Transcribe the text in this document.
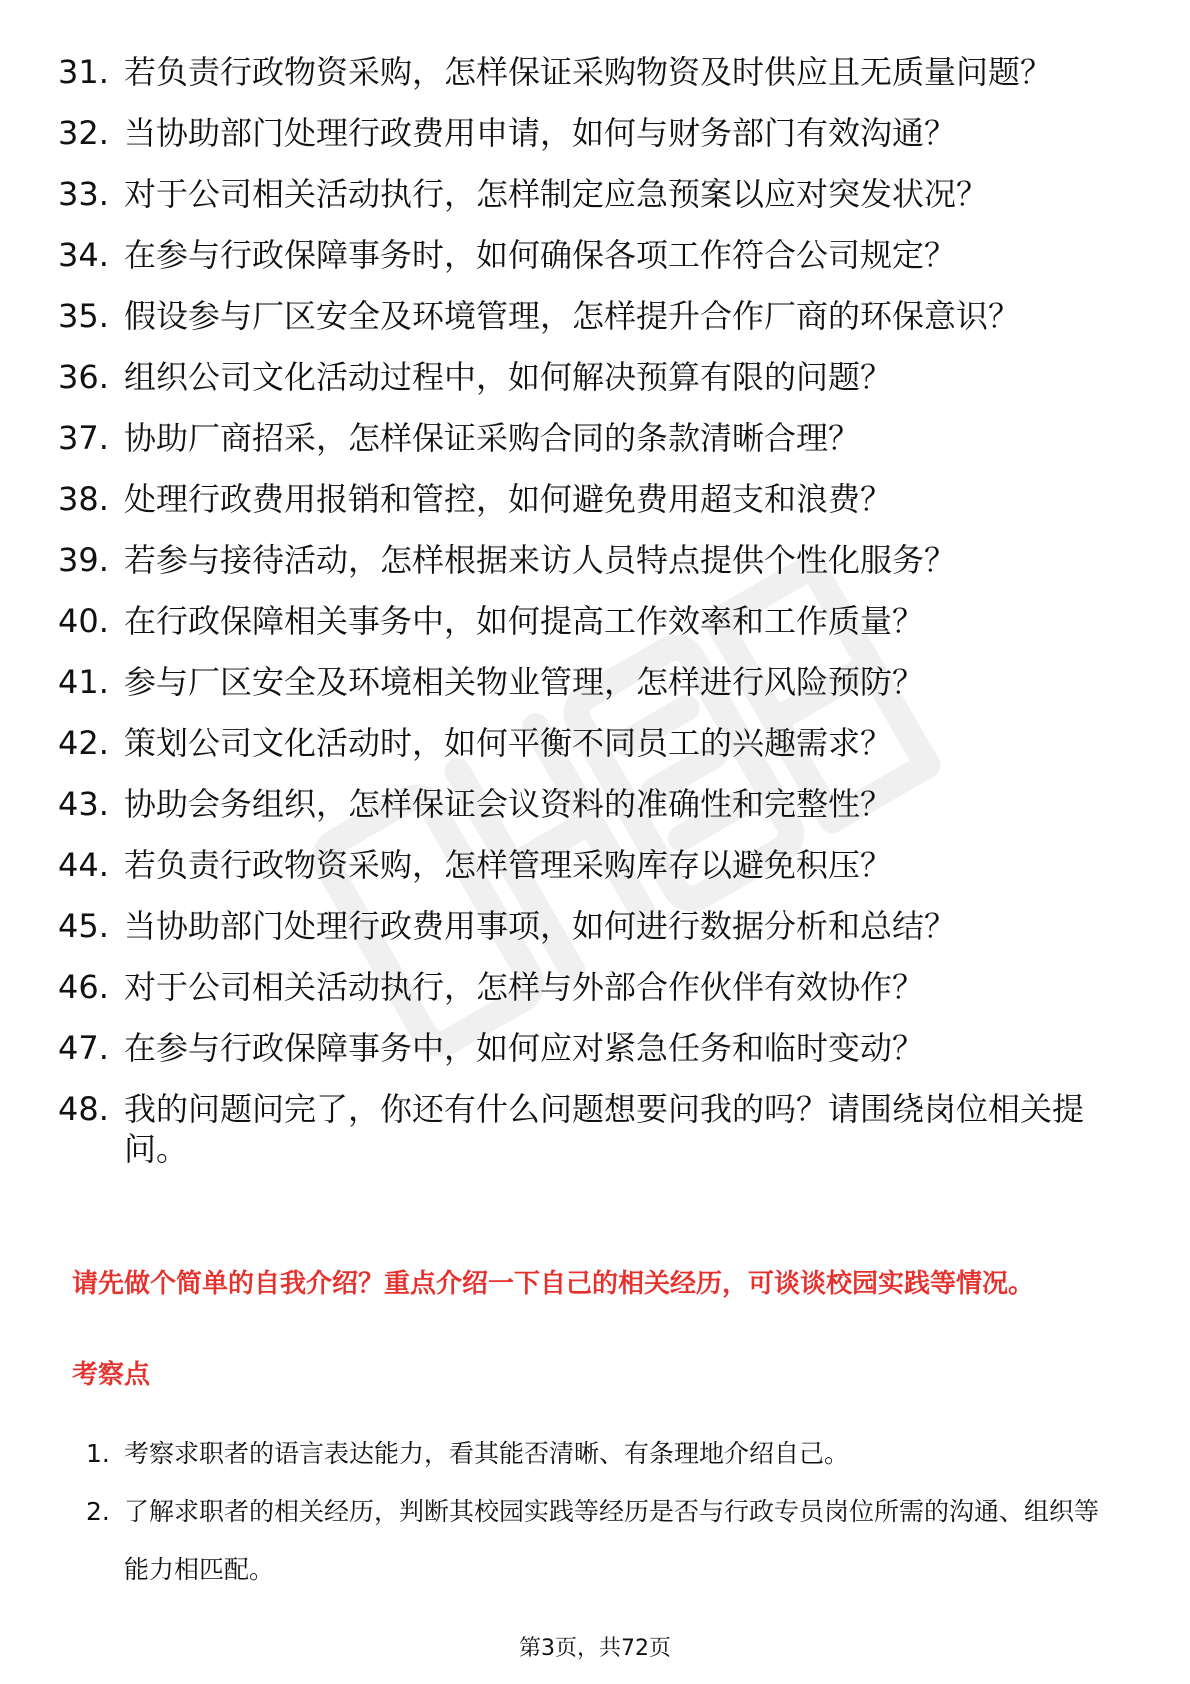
31. 若负责行政物资采购，怎样保证采购物资及时供应且无质量问题？
32. 当协助部门处理行政费用申请，如何与财务部门有效沟通？
33. 对于公司相关活动执行，怎样制定应急预案以应对突发状况？
34. 在参与行政保障事务时，如何确保各项工作符合公司规定？
35. 假设参与厂区安全及环境管理，怎样提升合作厂商的环保意识？
36. 组织公司文化活动过程中，如何解决预算有限的问题？
37. 协助厂商招采，怎样保证采购合同的条款清晰合理？
38. 处理行政费用报销和管控，如何避免费用超支和浪费？
39. 若参与接待活动，怎样根据来访人员特点提供个性化服务？
40. 在行政保障相关事务中，如何提高工作效率和工作质量？
41. 参与厂区安全及环境相关物业管理，怎样进行风险预防？
42. 策划公司文化活动时，如何平衡不同员工的兴趣需求？
43. 协助会务组织，怎样保证会议资料的准确性和完整性？
44. 若负责行政物资采购，怎样管理采购库存以避免积压？
45. 当协助部门处理行政费用事项，如何进行数据分析和总结？
46. 对于公司相关活动执行，怎样与外部合作伙伴有效协作？
47. 在参与行政保障事务中，如何应对紧急任务和临时变动？
48. 我的问题问完了，你还有什么问题想要问我的吗？请围绕岗位相关提问。
请先做个简单的自我介绍？重点介绍一下自己的相关经历，可谈谈校园实践等情况。
考察点
1. 考察求职者的语言表达能力，看其能否清晰、有条理地介绍自己。
2. 了解求职者的相关经历，判断其校园实践等经历是否与行政专员岗位所需的沟通、组织等能力相匹配。
第3页，共72页
